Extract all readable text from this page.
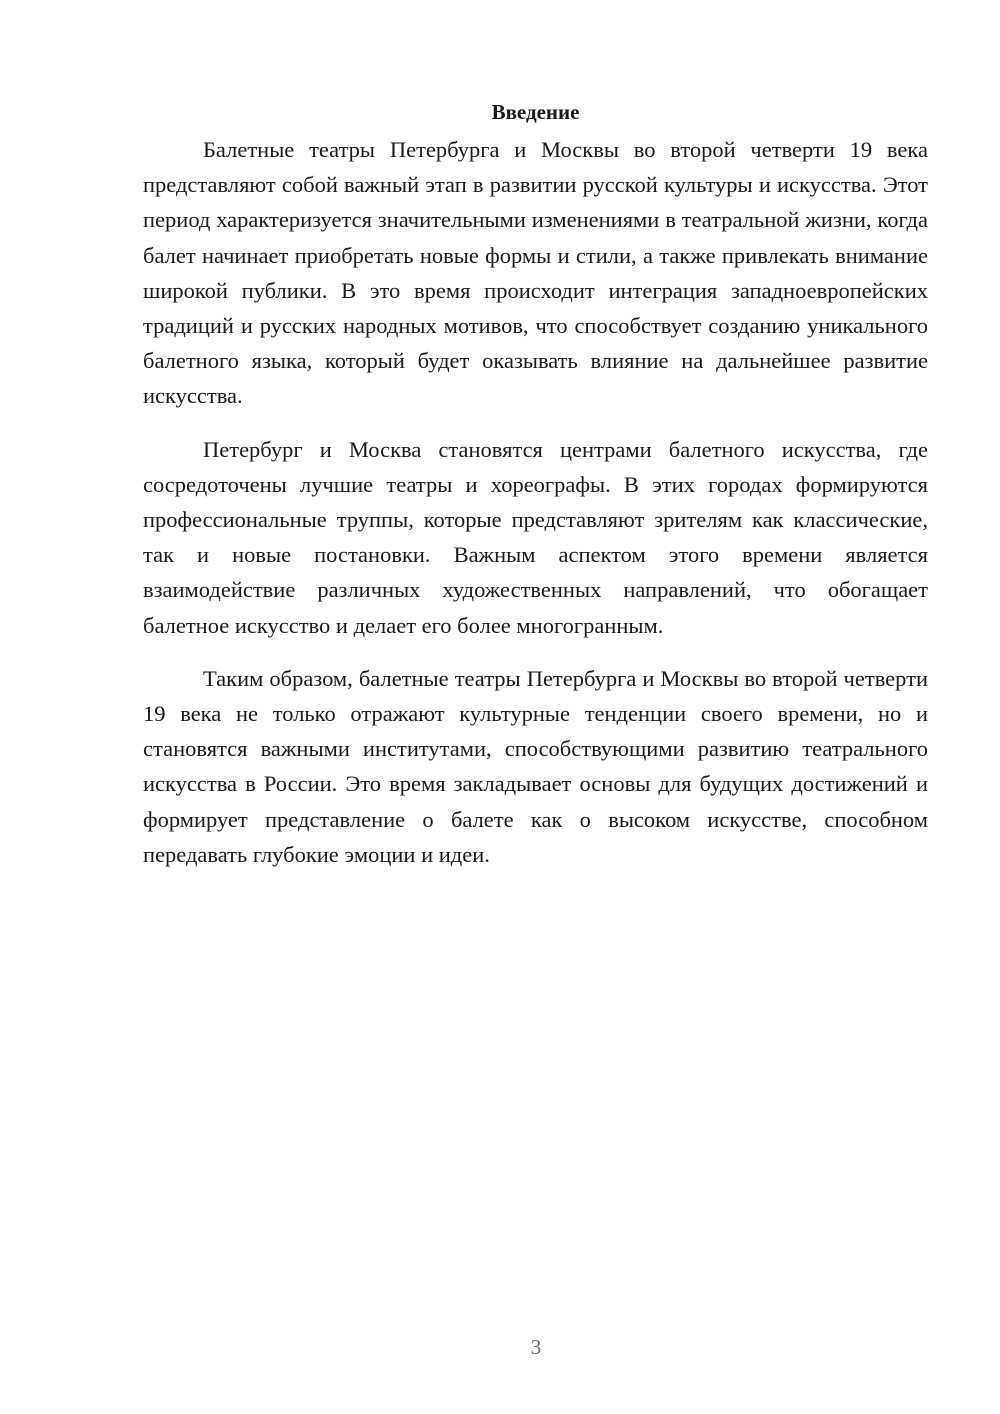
Введение

Балетные театры Петербурга и Москвы во второй четверти 19 века представляют собой важный этап в развитии русской культуры и искусства. Этот период характеризуется значительными изменениями в театральной жизни, когда балет начинает приобретать новые формы и стили, а также привлекать внимание широкой публики. В это время происходит интеграция западноевропейских традиций и русских народных мотивов, что способствует созданию уникального балетного языка, который будет оказывать влияние на дальнейшее развитие искусства.

Петербург и Москва становятся центрами балетного искусства, где сосредоточены лучшие театры и хореографы. В этих городах формируются профессиональные труппы, которые представляют зрителям как классические, так и новые постановки. Важным аспектом этого времени является взаимодействие различных художественных направлений, что обогащает балетное искусство и делает его более многогранным.

Таким образом, балетные театры Петербурга и Москвы во второй четверти 19 века не только отражают культурные тенденции своего времени, но и становятся важными институтами, способствующими развитию театрального искусства в России. Это время закладывает основы для будущих достижений и формирует представление о балете как о высоком искусстве, способном передавать глубокие эмоции и идеи.

3
